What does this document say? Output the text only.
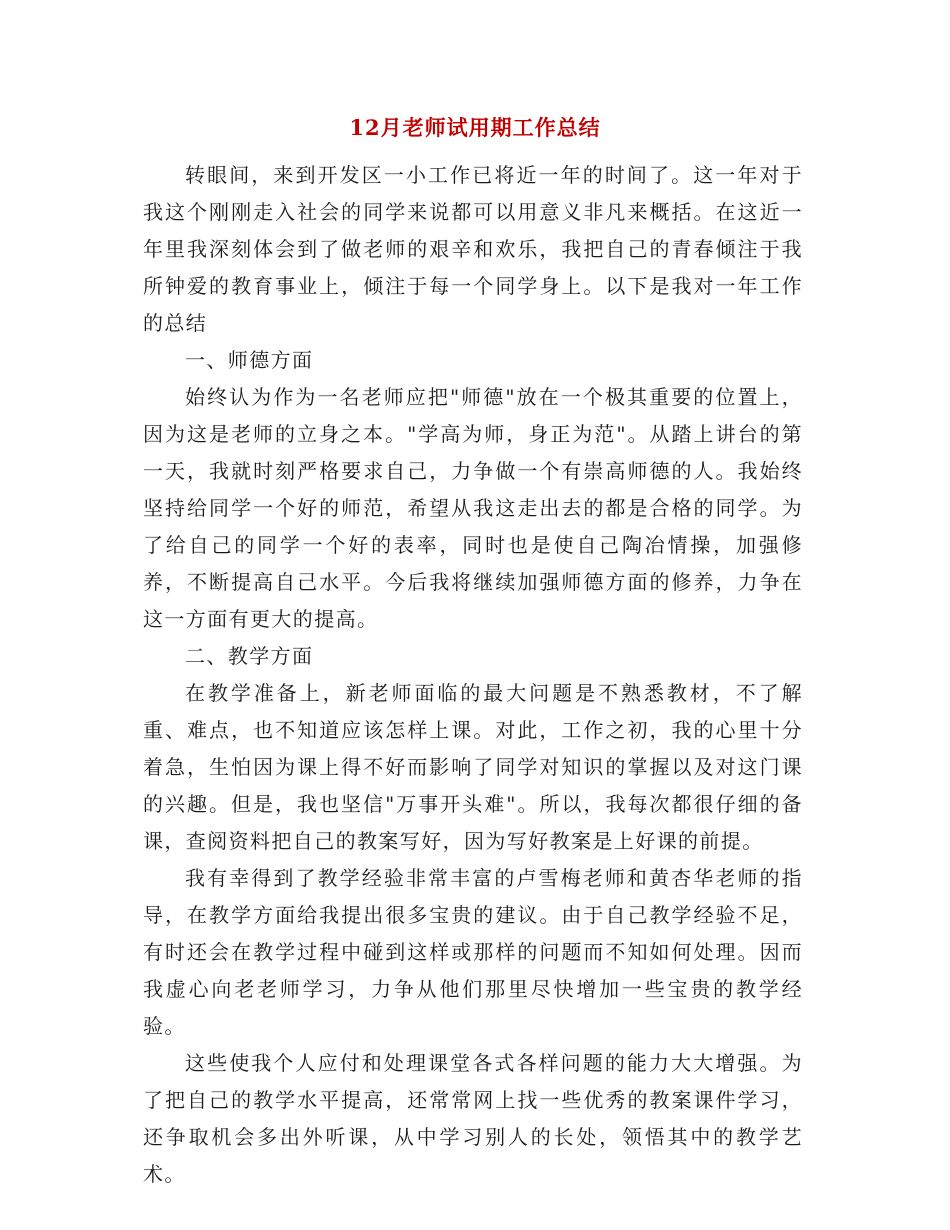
12月老师试用期工作总结

转眼间，来到开发区一小工作已将近一年的时间了。这一年对于我这个刚刚走入社会的同学来说都可以用意义非凡来概括。在这近一年里我深刻体会到了做老师的艰辛和欢乐，我把自己的青春倾注于我所钟爱的教育事业上，倾注于每一个同学身上。以下是我对一年工作的总结

一、师德方面

始终认为作为一名老师应把"师德"放在一个极其重要的位置上，因为这是老师的立身之本。"学高为师，身正为范"。从踏上讲台的第一天，我就时刻严格要求自己，力争做一个有崇高师德的人。我始终坚持给同学一个好的师范，希望从我这走出去的都是合格的同学。为了给自己的同学一个好的表率，同时也是使自己陶冶情操，加强修养，不断提高自己水平。今后我将继续加强师德方面的修养，力争在这一方面有更大的提高。

二、教学方面

在教学准备上，新老师面临的最大问题是不熟悉教材，不了解重、难点，也不知道应该怎样上课。对此，工作之初，我的心里十分着急，生怕因为课上得不好而影响了同学对知识的掌握以及对这门课的兴趣。但是，我也坚信"万事开头难"。所以，我每次都很仔细的备课，查阅资料把自己的教案写好，因为写好教案是上好课的前提。

我有幸得到了教学经验非常丰富的卢雪梅老师和黄杏华老师的指导，在教学方面给我提出很多宝贵的建议。由于自己教学经验不足，有时还会在教学过程中碰到这样或那样的问题而不知如何处理。因而我虚心向老老师学习，力争从他们那里尽快增加一些宝贵的教学经验。

这些使我个人应付和处理课堂各式各样问题的能力大大增强。为了把自己的教学水平提高，还常常网上找一些优秀的教案课件学习，还争取机会多出外听课，从中学习别人的长处，领悟其中的教学艺术。
